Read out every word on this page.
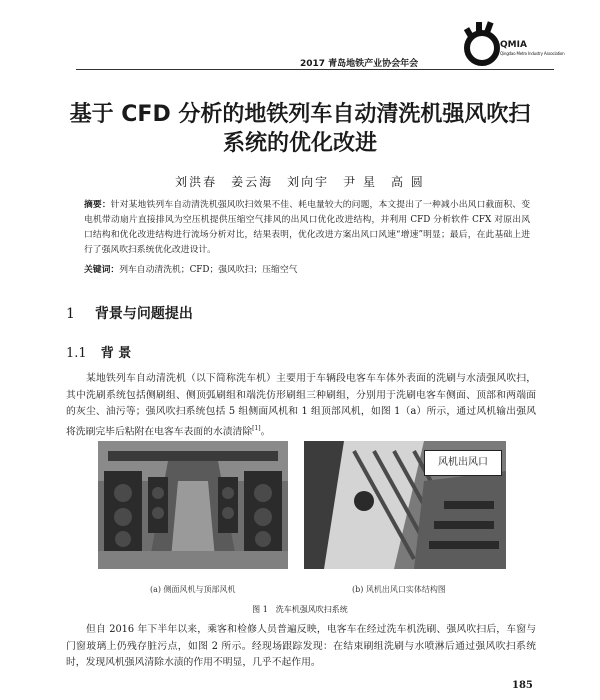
2017 青岛地铁产业协会年会
QMIA
Qingdao Metro Industry Association
基于 CFD 分析的地铁列车自动清洗机强风吹扫
系统的优化改进
刘洪春　姜云海　刘向宇　尹 星　高 圆
摘要：针对某地铁列车自动清洗机强风吹扫效果不佳、耗电量较大的问题，本文提出了一种减小出风口截面积、变电机带动扇片直接排风为空压机提供压缩空气排风的出风口优化改进结构，并利用 CFD 分析软件 CFX 对原出风口结构和优化改进结构进行流场分析对比，结果表明，优化改进方案出风口风速“增速”明显；最后，在此基础上进行了强风吹扫系统优化改进设计。
关键词：列车自动清洗机；CFD；强风吹扫；压缩空气
1 背景与问题提出
1.1 背 景
某地铁列车自动清洗机（以下简称洗车机）主要用于车辆段电客车车体外表面的洗刷与水渍强风吹扫，其中洗刷系统包括侧刷组、侧顶弧刷组和端洗仿形刷组三种刷组，分别用于洗刷电客车侧面、顶部和两端面的灰尘、油污等；强风吹扫系统包括 5 组侧面风机和 1 组顶部风机，如图 1（a）所示，通过风机输出强风将洗刷完毕后粘附在电客车表面的水渍清除[1]。
风机出风口
(a) 侧面风机与顶部风机	(b) 风机出风口实体结构图
图 1　洗车机强风吹扫系统
但自 2016 年下半年以来，乘客和检修人员普遍反映，电客车在经过洗车机洗刷、强风吹扫后，车窗与门窗玻璃上仍残存脏污点，如图 2 所示。经现场跟踪发现：在结束刷组洗刷与水喷淋后通过强风吹扫系统时，发现风机强风清除水渍的作用不明显，几乎不起作用。
185
